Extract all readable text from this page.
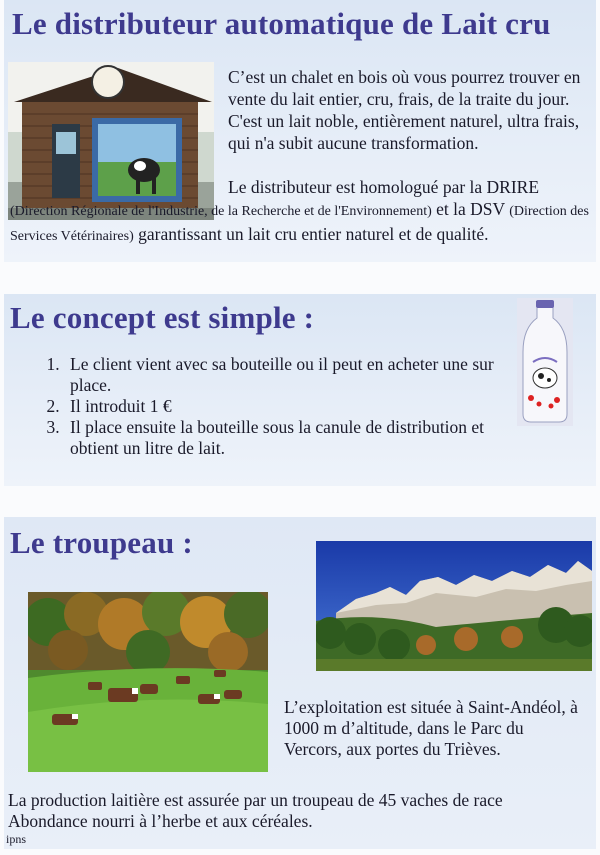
Le distributeur automatique de Lait cru

C’est un chalet en bois où vous pourrez trouver en vente du lait entier, cru, frais, de la traite du jour. C'est un lait noble, entièrement naturel, ultra frais, qui n'a subit aucune transformation.

Le distributeur est homologué par la DRIRE (Direction Régionale de l'Industrie, de la Recherche et de l'Environnement) et la DSV (Direction des Services Vétérinaires) garantissant un lait cru entier naturel et de qualité.

Le concept est simple :
1. Le client vient avec sa bouteille ou il peut en acheter une sur place.
2. Il introduit 1 €
3. Il place ensuite la bouteille sous la canule de distribution et obtient un litre de lait.
Le troupeau :

L’exploitation est située à Saint-Andéol, à 1000 m d’altitude, dans le Parc du Vercors, aux portes du Trièves.

La production laitière est assurée par un troupeau de 45 vaches de race Abondance nourri à l’herbe et aux céréales.

ipns
